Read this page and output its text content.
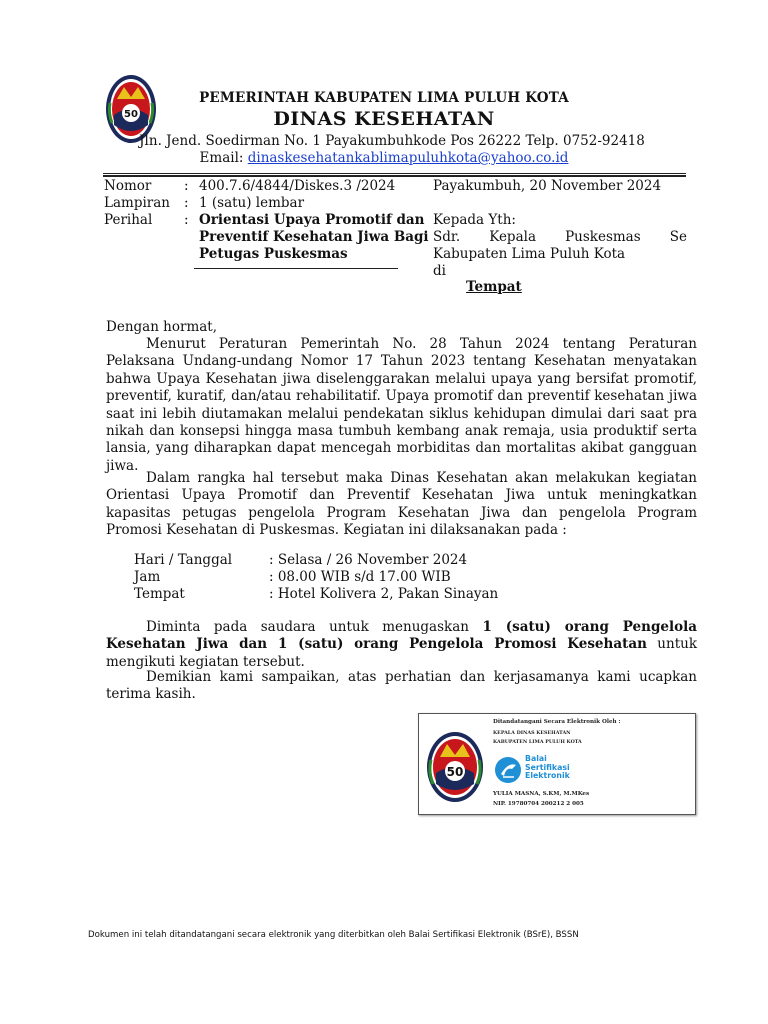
50
PEMERINTAH KABUPATEN LIMA PULUH KOTA
DINAS KESEHATAN
Jln. Jend. Soedirman No. 1 Payakumbuhkode Pos 26222 Telp. 0752-92418
Email: dinaskesehatankablimapuluhkota@yahoo.co.id
Nomor : 400.7.6/4844/Diskes.3 /2024
Lampiran : 1 (satu) lembar
Perihal : Orientasi Upaya Promotif dan
Preventif Kesehatan Jiwa Bagi
Petugas Puskesmas
Payakumbuh, 20 November 2024
Kepada Yth:
Sdr. Kepala Puskesmas Se
Kabupaten Lima Puluh Kota
di
Tempat
Dengan hormat,
Menurut Peraturan Pemerintah No. 28 Tahun 2024 tentang Peraturan Pelaksana Undang-undang Nomor 17 Tahun 2023 tentang Kesehatan menyatakan bahwa Upaya Kesehatan jiwa diselenggarakan melalui upaya yang bersifat promotif, preventif, kuratif, dan/atau rehabilitatif. Upaya promotif dan preventif kesehatan jiwa saat ini lebih diutamakan melalui pendekatan siklus kehidupan dimulai dari saat pra nikah dan konsepsi hingga masa tumbuh kembang anak remaja, usia produktif serta lansia, yang diharapkan dapat mencegah morbiditas dan mortalitas akibat gangguan jiwa.
Dalam rangka hal tersebut maka Dinas Kesehatan akan melakukan kegiatan Orientasi Upaya Promotif dan Preventif Kesehatan Jiwa untuk meningkatkan kapasitas petugas pengelola Program Kesehatan Jiwa dan pengelola Program Promosi Kesehatan di Puskesmas. Kegiatan ini dilaksanakan pada :
Hari / Tanggal	: Selasa / 26 November 2024
Jam	: 08.00 WIB s/d 17.00 WIB
Tempat	: Hotel Kolivera 2, Pakan Sinayan
Diminta pada saudara untuk menugaskan 1 (satu) orang Pengelola Kesehatan Jiwa dan 1 (satu) orang Pengelola Promosi Kesehatan untuk mengikuti kegiatan tersebut.
Demikian kami sampaikan, atas perhatian dan kerjasamanya kami ucapkan terima kasih.
50
Ditandatangani Secara Elektronik Oleh :
KEPALA DINAS KESEHATAN
KABUPATEN LIMA PULUH KOTA
Balai
Sertifikasi
Elektronik
YULIA MASNA, S.KM, M.MKes
NIP. 19780704 200212 2 005
Dokumen ini telah ditandatangani secara elektronik yang diterbitkan oleh Balai Sertifikasi Elektronik (BSrE), BSSN
